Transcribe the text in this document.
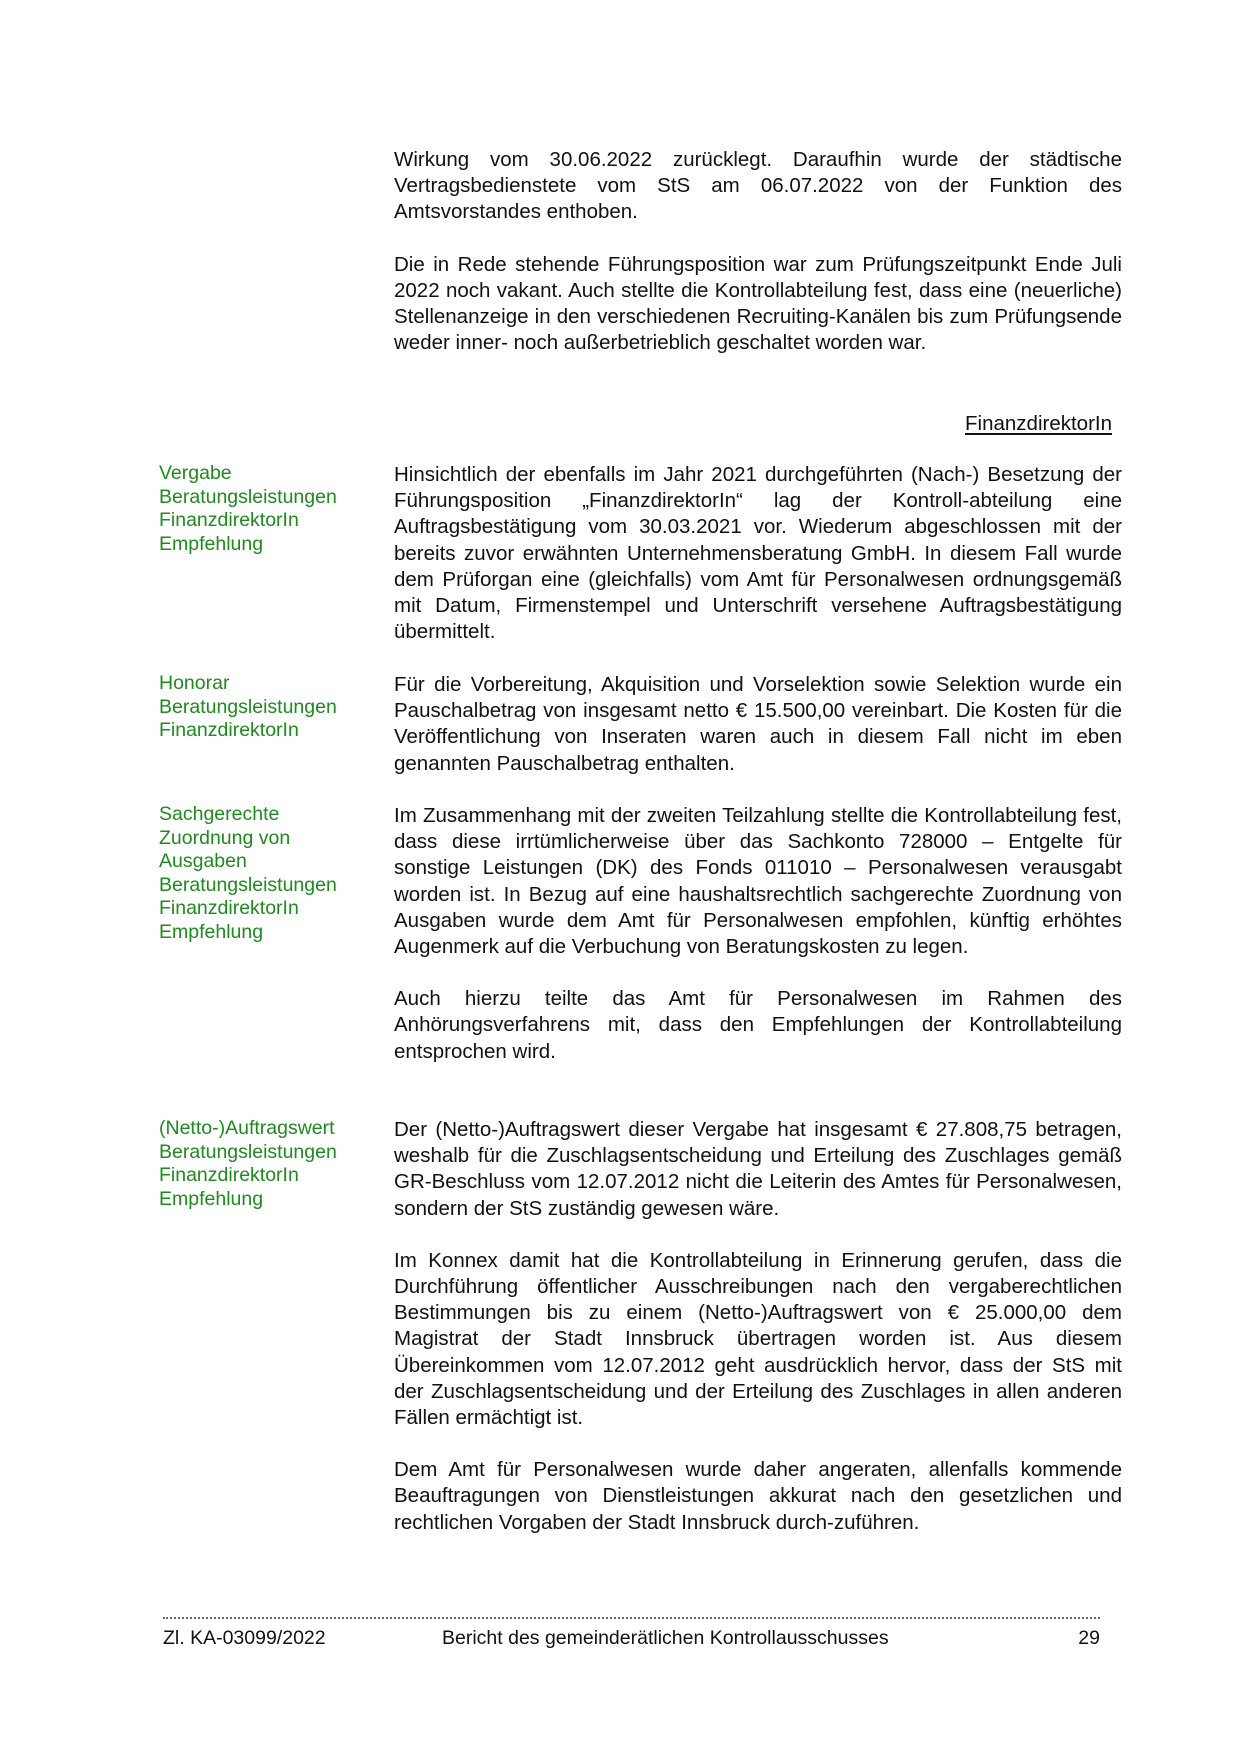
Wirkung vom 30.06.2022 zurücklegt. Daraufhin wurde der städtische Vertragsbedienstete vom StS am 06.07.2022 von der Funktion des Amtsvorstandes enthoben.

Die in Rede stehende Führungsposition war zum Prüfungszeitpunkt Ende Juli 2022 noch vakant. Auch stellte die Kontrollabteilung fest, dass eine (neuerliche) Stellenanzeige in den verschiedenen Recruiting-Kanälen bis zum Prüfungsende weder inner- noch außerbetrieblich geschaltet worden war.

FinanzdirektorIn
Vergabe
Beratungsleistungen
FinanzdirektorIn
Empfehlung

Hinsichtlich der ebenfalls im Jahr 2021 durchgeführten (Nach-) Besetzung der Führungsposition „FinanzdirektorIn“ lag der Kontroll-abteilung eine Auftragsbestätigung vom 30.03.2021 vor. Wiederum abgeschlossen mit der bereits zuvor erwähnten Unternehmensberatung GmbH. In diesem Fall wurde dem Prüforgan eine (gleichfalls) vom Amt für Personalwesen ordnungsgemäß mit Datum, Firmenstempel und Unterschrift versehene Auftragsbestätigung übermittelt.

Honorar
Beratungsleistungen
FinanzdirektorIn

Für die Vorbereitung, Akquisition und Vorselektion sowie Selektion wurde ein Pauschalbetrag von insgesamt netto € 15.500,00 vereinbart. Die Kosten für die Veröffentlichung von Inseraten waren auch in diesem Fall nicht im eben genannten Pauschalbetrag enthalten.

Sachgerechte
Zuordnung von
Ausgaben
Beratungsleistungen
FinanzdirektorIn
Empfehlung

Im Zusammenhang mit der zweiten Teilzahlung stellte die Kontrollabteilung fest, dass diese irrtümlicherweise über das Sachkonto 728000 – Entgelte für sonstige Leistungen (DK) des Fonds 011010 – Personalwesen verausgabt worden ist. In Bezug auf eine haushaltsrechtlich sachgerechte Zuordnung von Ausgaben wurde dem Amt für Personalwesen empfohlen, künftig erhöhtes Augenmerk auf die Verbuchung von Beratungskosten zu legen.

Auch hierzu teilte das Amt für Personalwesen im Rahmen des Anhörungsverfahrens mit, dass den Empfehlungen der Kontrollabteilung entsprochen wird.

(Netto-)Auftragswert
Beratungsleistungen
FinanzdirektorIn
Empfehlung

Der (Netto-)Auftragswert dieser Vergabe hat insgesamt € 27.808,75 betragen, weshalb für die Zuschlagsentscheidung und Erteilung des Zuschlages gemäß GR-Beschluss vom 12.07.2012 nicht die Leiterin des Amtes für Personalwesen, sondern der StS zuständig gewesen wäre.

Im Konnex damit hat die Kontrollabteilung in Erinnerung gerufen, dass die Durchführung öffentlicher Ausschreibungen nach den vergaberechtlichen Bestimmungen bis zu einem (Netto-)Auftragswert von € 25.000,00 dem Magistrat der Stadt Innsbruck übertragen worden ist. Aus diesem Übereinkommen vom 12.07.2012 geht ausdrücklich hervor, dass der StS mit der Zuschlagsentscheidung und der Erteilung des Zuschlages in allen anderen Fällen ermächtigt ist.

Dem Amt für Personalwesen wurde daher angeraten, allenfalls kommende Beauftragungen von Dienstleistungen akkurat nach den gesetzlichen und rechtlichen Vorgaben der Stadt Innsbruck durch-zuführen.

Zl. KA-03099/2022	Bericht des gemeinderätlichen Kontrollausschusses	29
